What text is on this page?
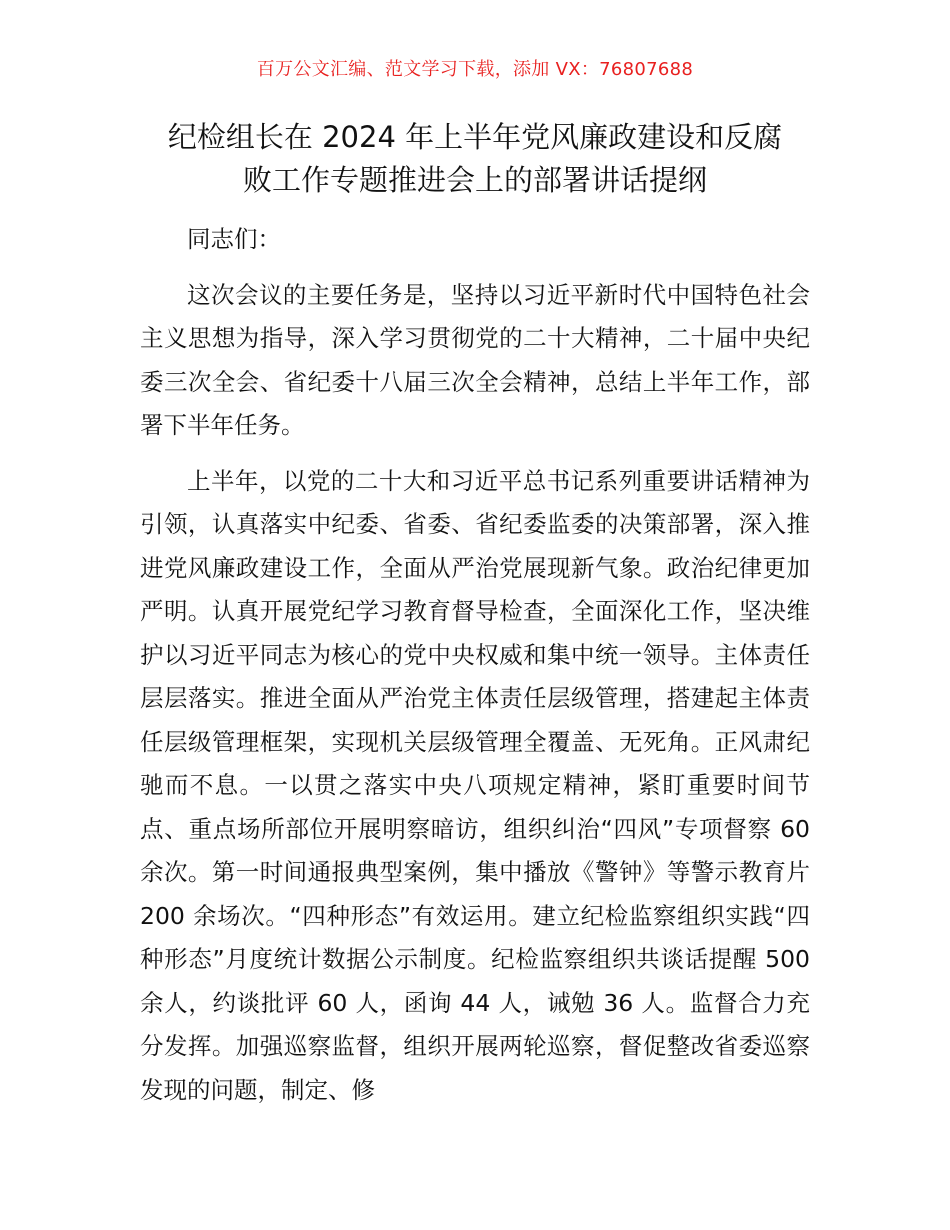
百万公文汇编、范文学习下载，添加 VX：76807688
纪检组长在 2024 年上半年党风廉政建设和反腐
败工作专题推进会上的部署讲话提纲

同志们：

这次会议的主要任务是，坚持以习近平新时代中国特色社会主义思想为指导，深入学习贯彻党的二十大精神，二十届中央纪委三次全会、省纪委十八届三次全会精神，总结上半年工作，部署下半年任务。

上半年，以党的二十大和习近平总书记系列重要讲话精神为引领，认真落实中纪委、省委、省纪委监委的决策部署，深入推进党风廉政建设工作，全面从严治党展现新气象。政治纪律更加严明。认真开展党纪学习教育督导检查，全面深化工作，坚决维护以习近平同志为核心的党中央权威和集中统一领导。主体责任层层落实。推进全面从严治党主体责任层级管理，搭建起主体责任层级管理框架，实现机关层级管理全覆盖、无死角。正风肃纪驰而不息。一以贯之落实中央八项规定精神，紧盯重要时间节点、重点场所部位开展明察暗访，组织纠治“四风”专项督察 60 余次。第一时间通报典型案例，集中播放《警钟》等警示教育片 200 余场次。“四种形态”有效运用。建立纪检监察组织实践“四种形态”月度统计数据公示制度。纪检监察组织共谈话提醒 500 余人，约谈批评 60 人，函询 44 人，诫勉 36 人。监督合力充分发挥。加强巡察监督，组织开展两轮巡察，督促整改省委巡察发现的问题，制定、修
